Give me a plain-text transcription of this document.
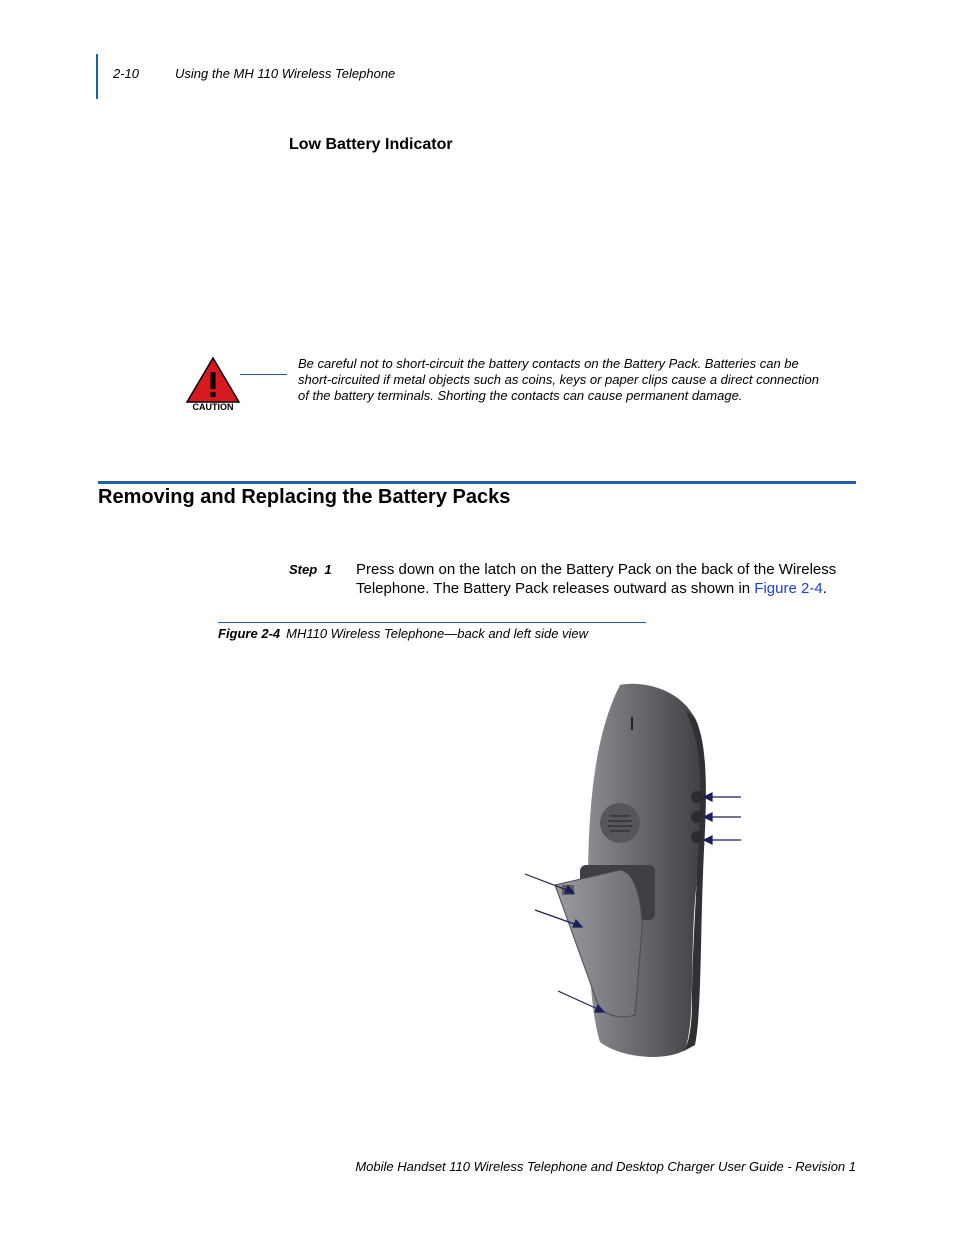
2-10	Using the MH 110 Wireless Telephone
Low Battery Indicator
CAUTION
Be careful not to short-circuit the battery contacts on the Battery Pack. Batteries can be short-circuited if metal objects such as coins, keys or paper clips cause a direct connection of the battery terminals. Shorting the contacts can cause permanent damage.
Removing and Replacing the Battery Packs
Step  1 Press down on the latch on the Battery Pack on the back of the Wireless Telephone. The Battery Pack releases outward as shown in Figure 2-4.
Figure 2-4 MH110 Wireless Telephone—back and left side view
Mobile Handset 110 Wireless Telephone and Desktop Charger User Guide - Revision 1
